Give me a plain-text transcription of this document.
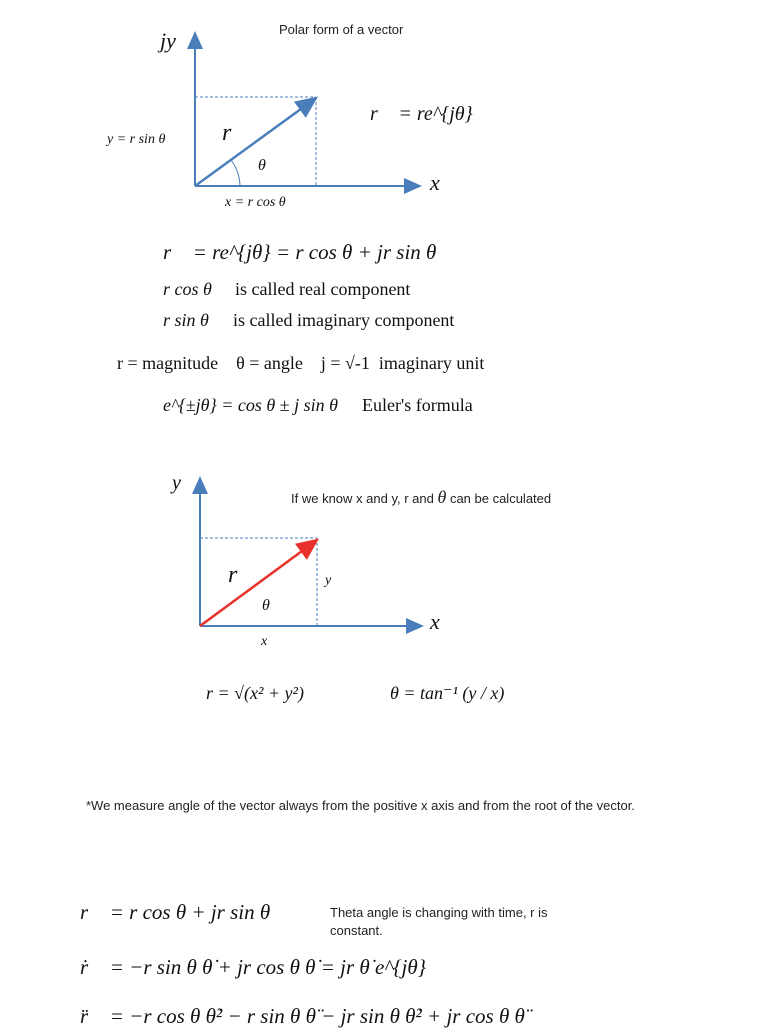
Polar form of a vector
jy
x
r⃗
θ
y = r sin θ
x = r cos θ
r⃗ = re^{jθ}
r⃗ = re^{jθ} = r cos θ + jr sin θ
r cos θ is called real component
r sin θ is called imaginary component
r = magnitude    θ = angle    j = √-1  imaginary unit
e^{±jθ} = cos θ ± j sin θ Euler's formula
If we know x and y, r and θ can be calculated
y
x
r⃗
θ
y
x
r = √(x² + y²)	θ = tan⁻¹ (y / x)
*We measure angle of the vector always from the positive x axis and from the root of the vector.
r⃗ = r cos θ + jr sin θ	Theta angle is changing with time, r is constant.
ṙ⃗ = −r sin θ θ̇ + jr cos θ θ̇ = jr θ̇ e^{jθ}
r̈⃗ = −r cos θ θ̇² − r sin θ θ̈ − jr sin θ θ̇² + jr cos θ θ̈
